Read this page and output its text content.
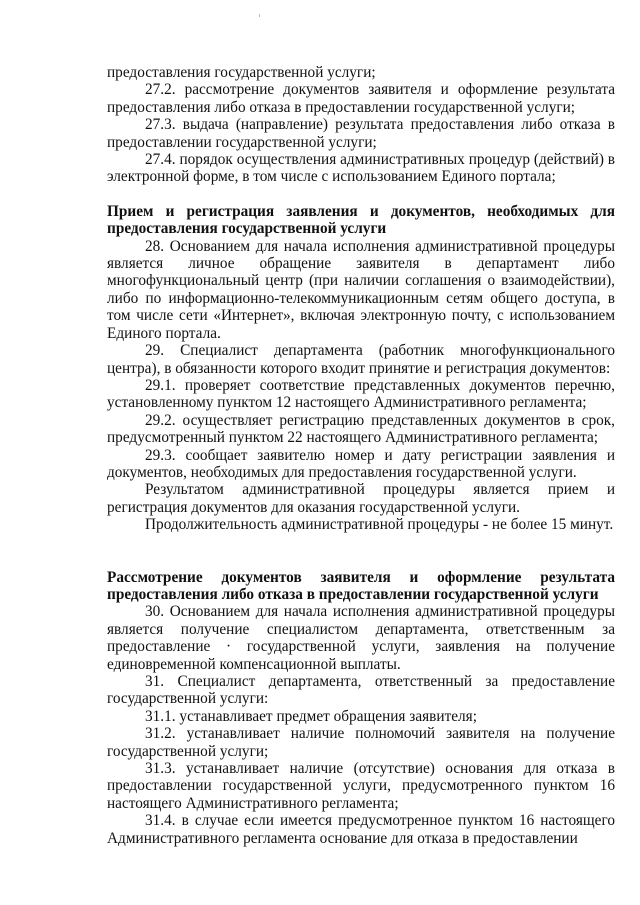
предоставления государственной услуги;

27.2. рассмотрение документов заявителя и оформление результата предоставления либо отказа в предоставлении государственной услуги;

27.3. выдача (направление) результата предоставления либо отказа в предоставлении государственной услуги;

27.4. порядок осуществления административных процедур (действий) в электронной форме, в том числе с использованием Единого портала;

Прием и регистрация заявления и документов, необходимых для предоставления государственной услуги

28. Основанием для начала исполнения административной процедуры является личное обращение заявителя в департамент либо многофункциональный центр (при наличии соглашения о взаимодействии), либо по информационно-телекоммуникационным сетям общего доступа, в том числе сети «Интернет», включая электронную почту, с использованием Единого портала.

29. Специалист департамента (работник многофункционального центра), в обязанности которого входит принятие и регистрация документов:

29.1. проверяет соответствие представленных документов перечню, установленному пунктом 12 настоящего Административного регламента;

29.2. осуществляет регистрацию представленных документов в срок, предусмотренный пунктом 22 настоящего Административного регламента;

29.3. сообщает заявителю номер и дату регистрации заявления и документов, необходимых для предоставления государственной услуги.

Результатом административной процедуры является прием и регистрация документов для оказания государственной услуги.

Продолжительность административной процедуры - не более 15 минут.

Рассмотрение документов заявителя и оформление результата предоставления либо отказа в предоставлении государственной услуги

30. Основанием для начала исполнения административной процедуры является получение специалистом департамента, ответственным за предоставление · государственной услуги, заявления на получение единовременной компенсационной выплаты.

31. Специалист департамента, ответственный за предоставление государственной услуги:

31.1. устанавливает предмет обращения заявителя;

31.2. устанавливает наличие полномочий заявителя на получение государственной услуги;

31.3. устанавливает наличие (отсутствие) основания для отказа в предоставлении государственной услуги, предусмотренного пунктом 16 настоящего Административного регламента;

31.4. в случае если имеется предусмотренное пунктом 16 настоящего Административного регламента основание для отказа в предоставлении
